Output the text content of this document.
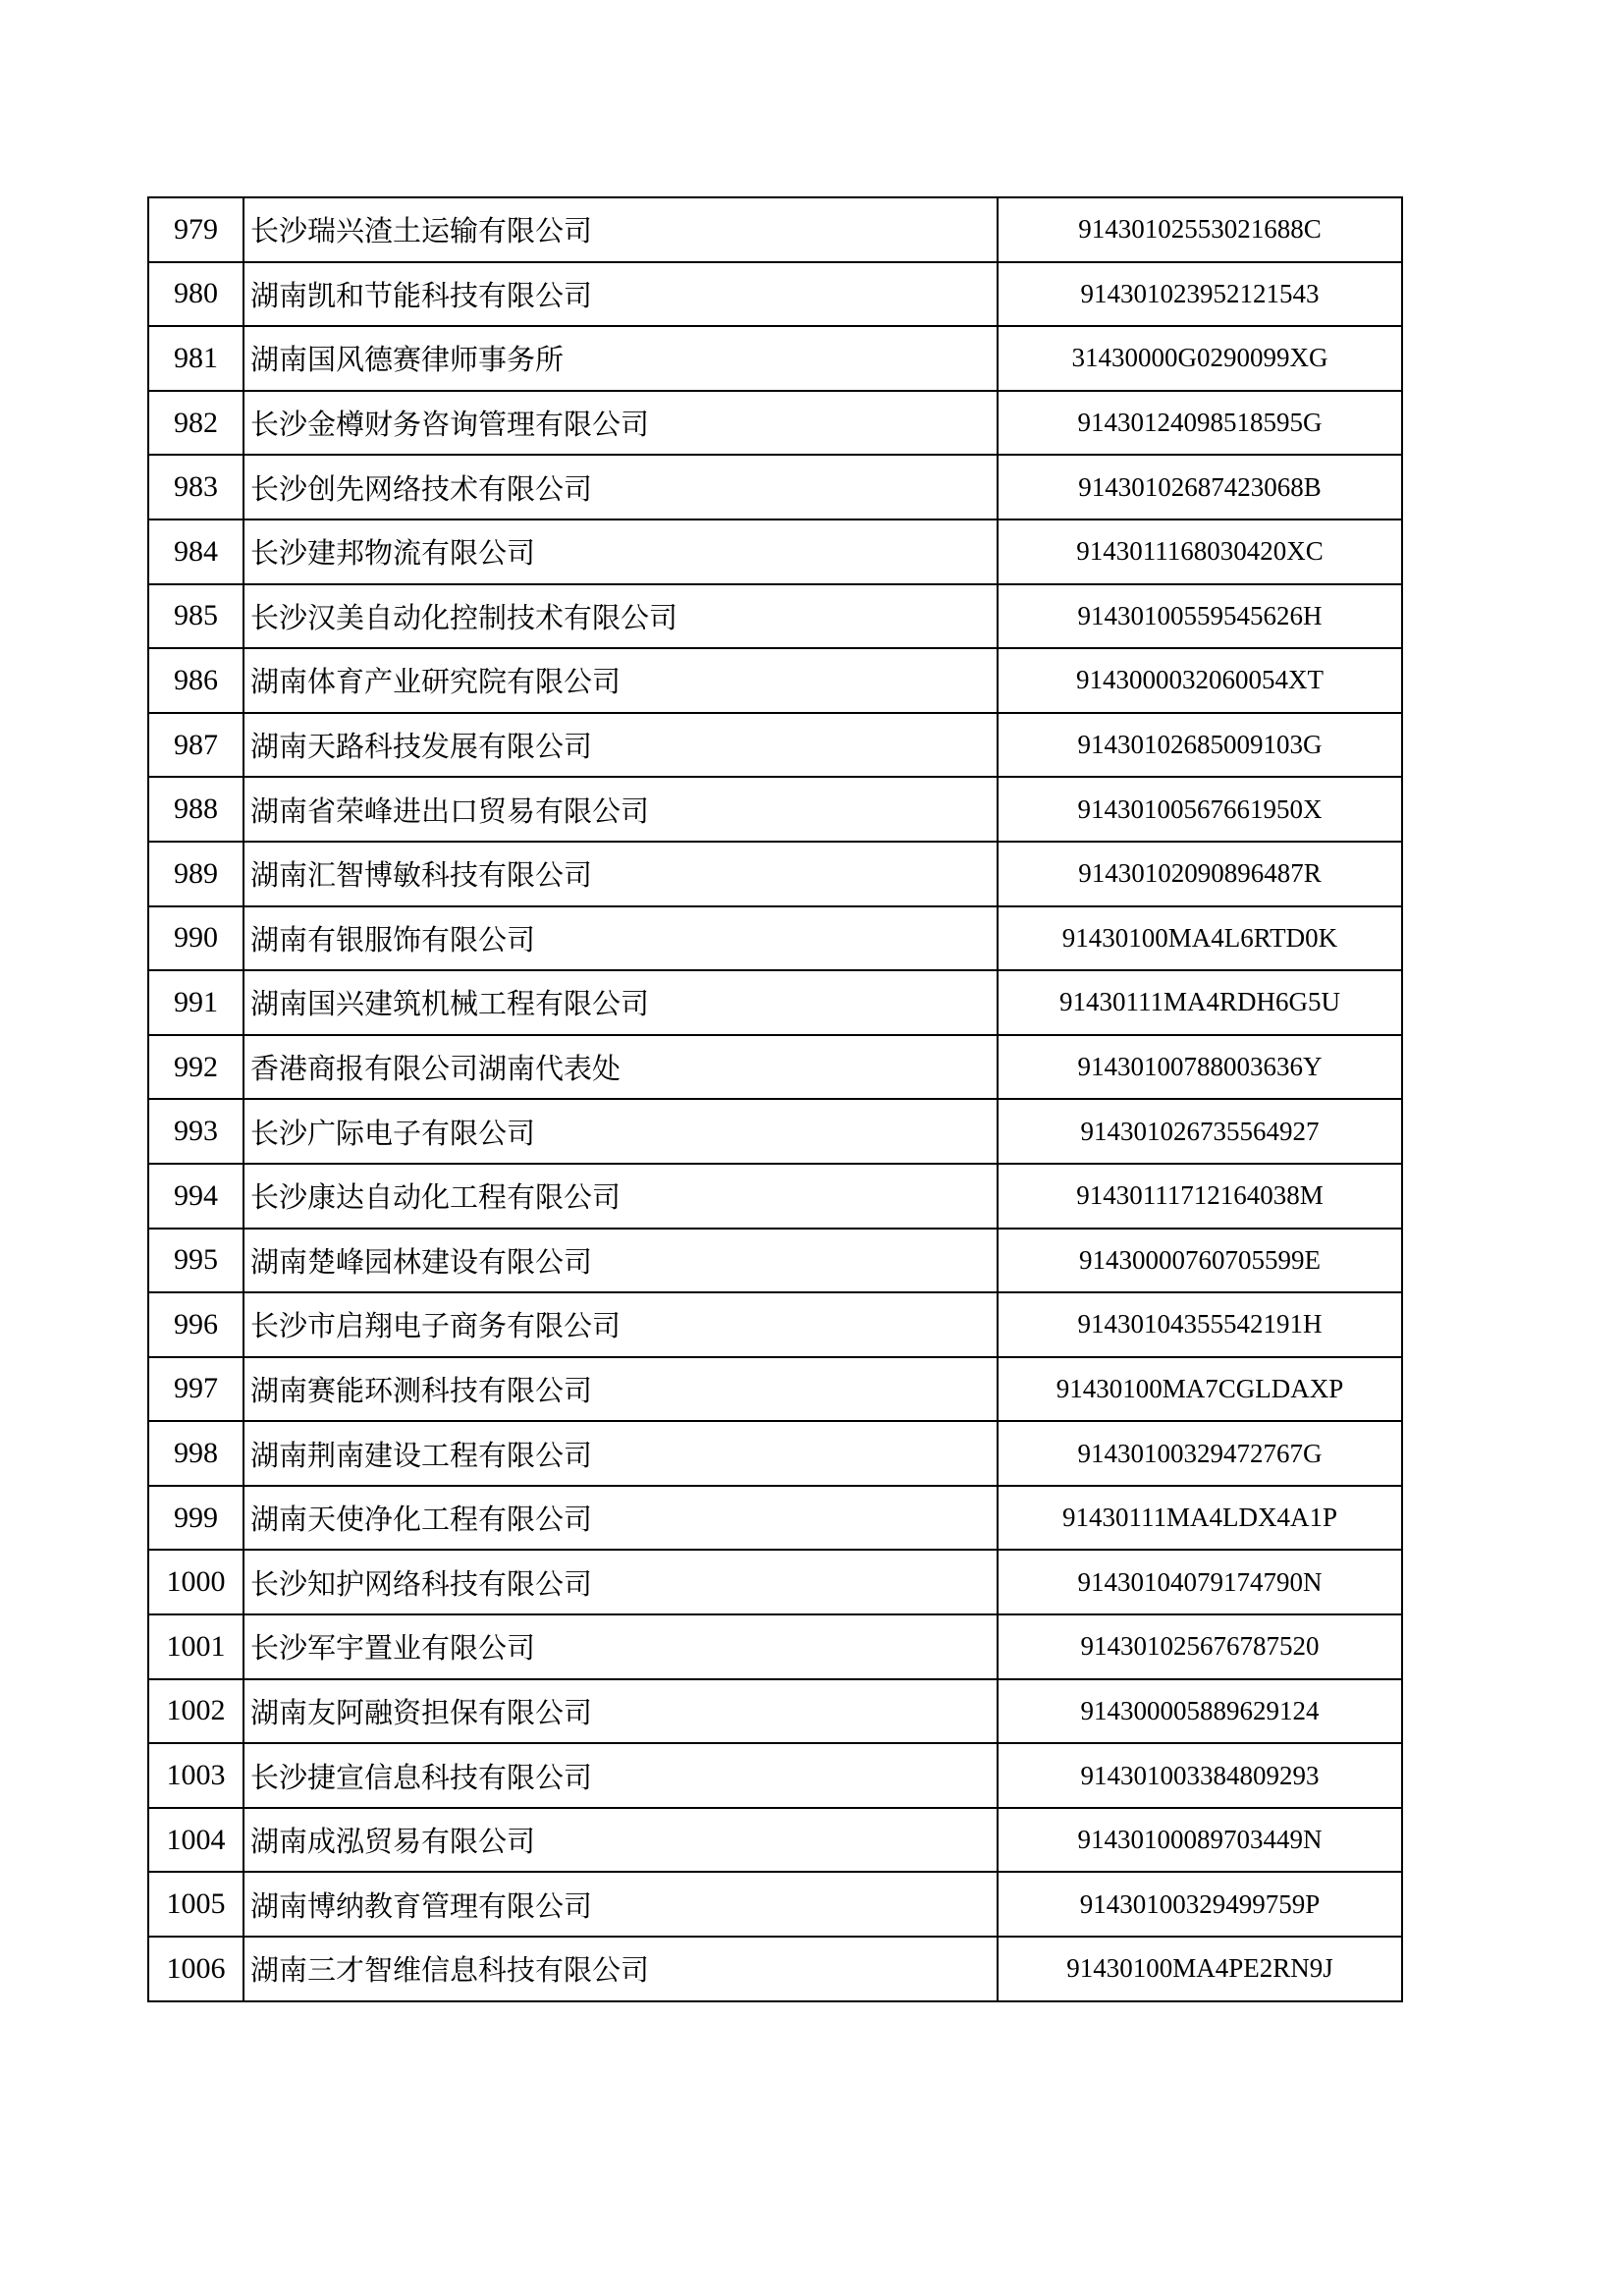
979	长沙瑞兴渣土运输有限公司	91430102553021688C
980	湖南凯和节能科技有限公司	914301023952121543
981	湖南国风德赛律师事务所	31430000G0290099XG
982	长沙金樽财务咨询管理有限公司	91430124098518595G
983	长沙创先网络技术有限公司	91430102687423068B
984	长沙建邦物流有限公司	9143011168030420XC
985	长沙汉美自动化控制技术有限公司	91430100559545626H
986	湖南体育产业研究院有限公司	9143000032060054XT
987	湖南天路科技发展有限公司	91430102685009103G
988	湖南省荣峰进出口贸易有限公司	91430100567661950X
989	湖南汇智博敏科技有限公司	91430102090896487R
990	湖南有银服饰有限公司	91430100MA4L6RTD0K
991	湖南国兴建筑机械工程有限公司	91430111MA4RDH6G5U
992	香港商报有限公司湖南代表处	91430100788003636Y
993	长沙广际电子有限公司	914301026735564927
994	长沙康达自动化工程有限公司	91430111712164038M
995	湖南楚峰园林建设有限公司	91430000760705599E
996	长沙市启翔电子商务有限公司	91430104355542191H
997	湖南赛能环测科技有限公司	91430100MA7CGLDAXP
998	湖南荆南建设工程有限公司	91430100329472767G
999	湖南天使净化工程有限公司	91430111MA4LDX4A1P
1000	长沙知护网络科技有限公司	91430104079174790N
1001	长沙军宇置业有限公司	914301025676787520
1002	湖南友阿融资担保有限公司	914300005889629124
1003	长沙捷宣信息科技有限公司	914301003384809293
1004	湖南成泓贸易有限公司	91430100089703449N
1005	湖南博纳教育管理有限公司	91430100329499759P
1006	湖南三才智维信息科技有限公司	91430100MA4PE2RN9J
